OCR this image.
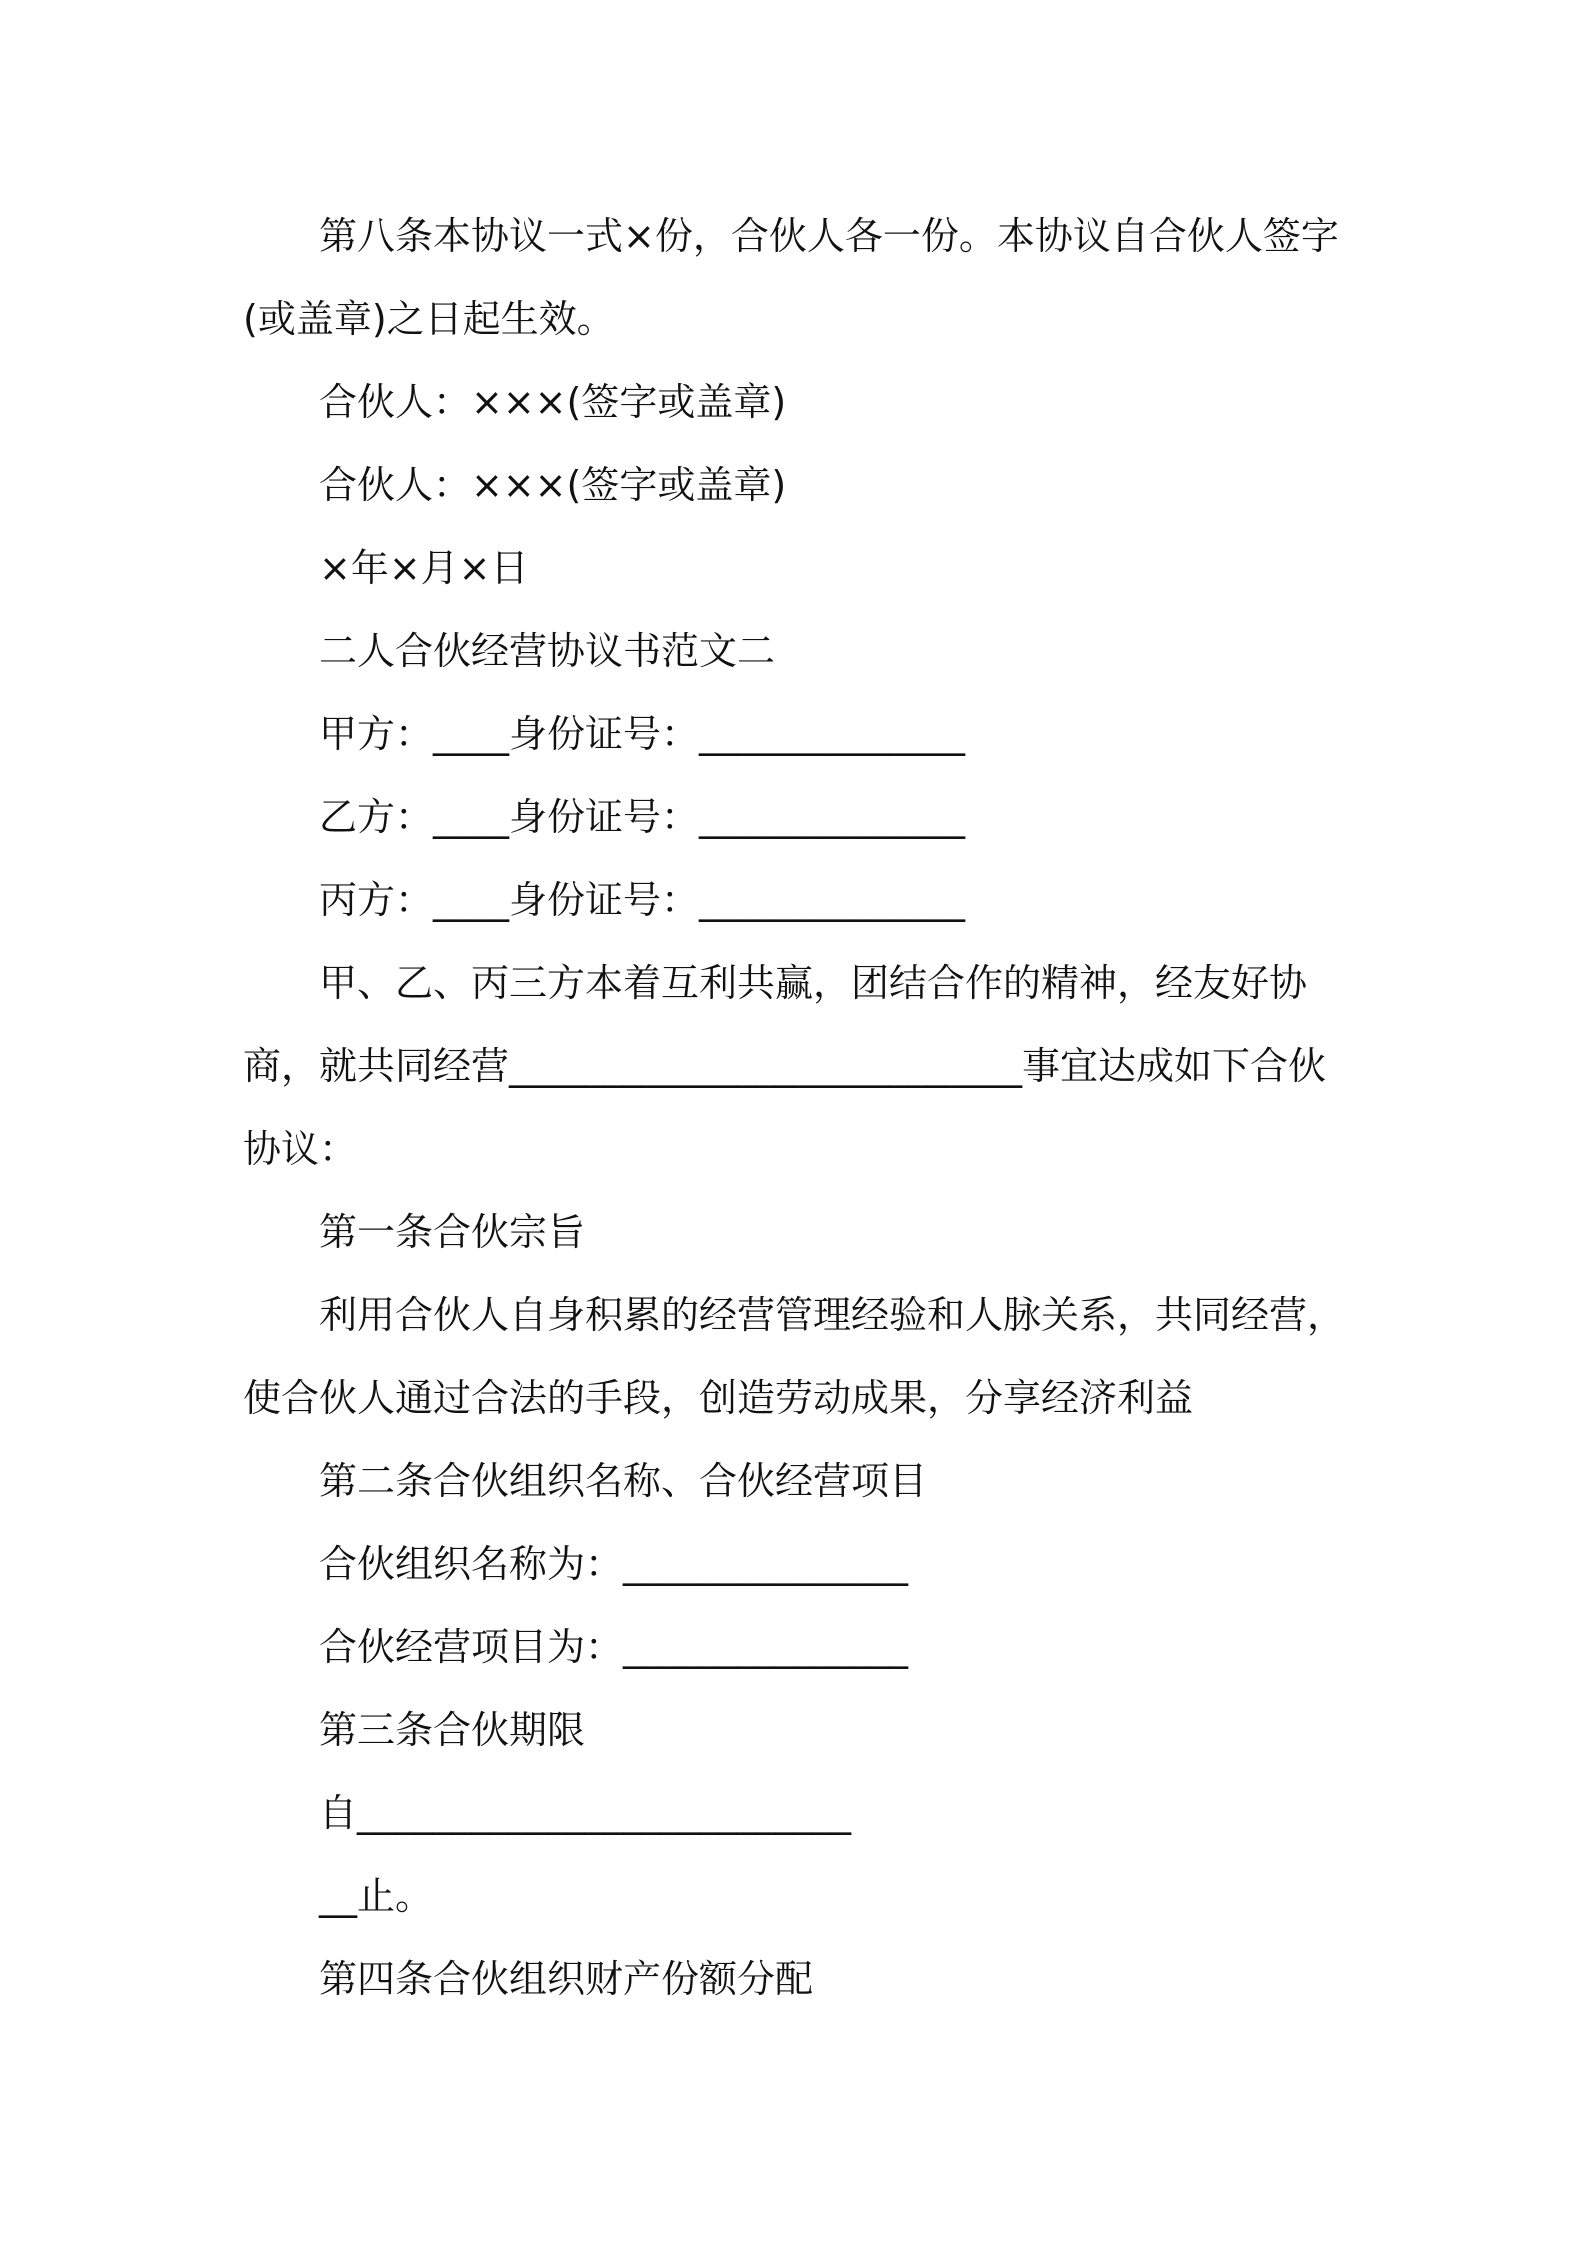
第八条本协议一式×份，合伙人各一份。本协议自合伙人签字(或盖章)之日起生效。

合伙人：×××(签字或盖章)

合伙人：×××(签字或盖章)

×年×月×日

二人合伙经营协议书范文二

甲方：____身份证号：______________

乙方：____身份证号：______________

丙方：____身份证号：______________

甲、乙、丙三方本着互利共赢，团结合作的精神，经友好协商，就共同经营___________________________事宜达成如下合伙协议：

第一条合伙宗旨

利用合伙人自身积累的经营管理经验和人脉关系，共同经营，使合伙人通过合法的手段，创造劳动成果，分享经济利益

第二条合伙组织名称、合伙经营项目

合伙组织名称为：_______________

合伙经营项目为：_______________

第三条合伙期限

自__________________________

__止。

第四条合伙组织财产份额分配
